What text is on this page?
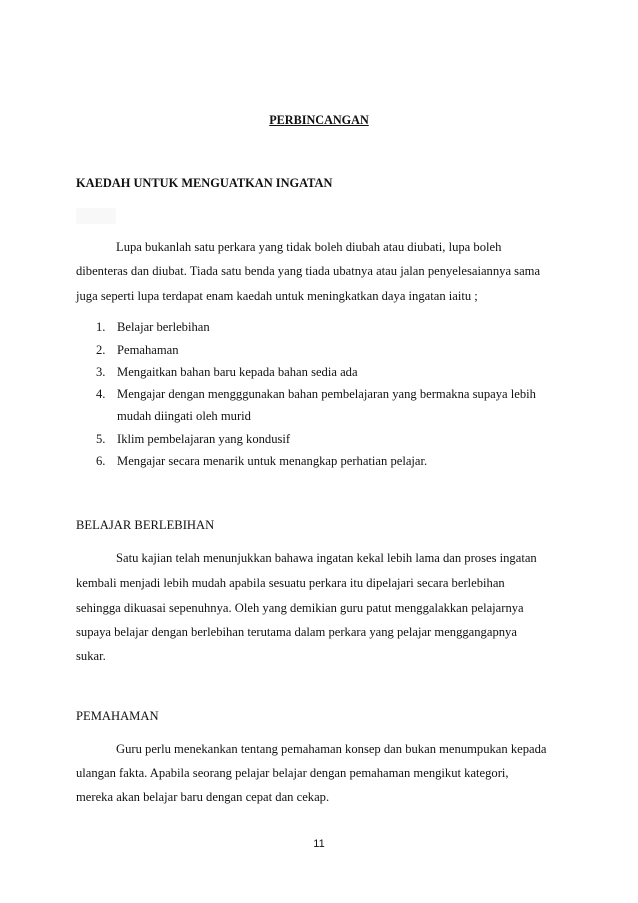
PERBINCANGAN
KAEDAH UNTUK MENGUATKAN INGATAN
Lupa bukanlah satu perkara yang tidak boleh diubah atau diubati, lupa boleh
dibenteras dan diubat. Tiada satu benda yang tiada ubatnya atau jalan penyelesaiannya sama
juga seperti lupa terdapat enam kaedah untuk meningkatkan daya ingatan iaitu ;
1. Belajar berlebihan
2. Pemahaman
3. Mengaitkan bahan baru kepada bahan sedia ada
4. Mengajar dengan mengggunakan bahan pembelajaran yang bermakna supaya lebih
mudah diingati oleh murid
5. Iklim pembelajaran yang kondusif
6. Mengajar secara menarik untuk menangkap perhatian pelajar.
BELAJAR BERLEBIHAN
Satu kajian telah menunjukkan bahawa ingatan kekal lebih lama dan proses ingatan
kembali menjadi lebih mudah apabila sesuatu perkara itu dipelajari secara berlebihan
sehingga dikuasai sepenuhnya. Oleh yang demikian guru patut menggalakkan pelajarnya
supaya belajar dengan berlebihan terutama dalam perkara yang pelajar menggangapnya
sukar.
PEMAHAMAN
Guru perlu menekankan tentang pemahaman konsep dan bukan menumpukan kepada
ulangan fakta. Apabila seorang pelajar belajar dengan pemahaman mengikut kategori,
mereka akan belajar baru dengan cepat dan cekap.
11
